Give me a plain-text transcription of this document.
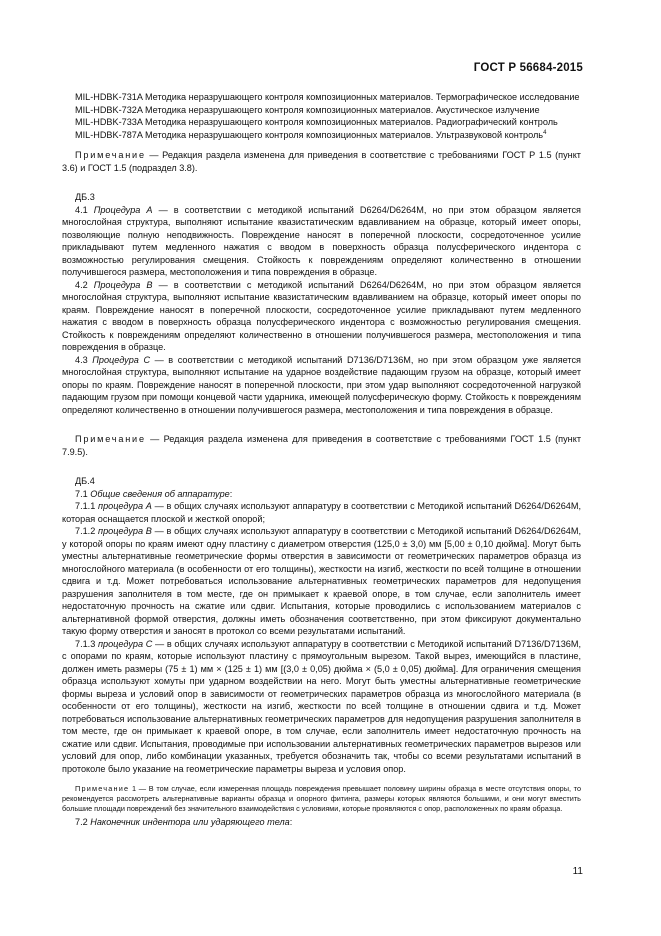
ГОСТ Р 56684-2015

MIL-HDBK-731A Методика неразрушающего контроля композиционных материалов. Термографическое исследование

MIL-HDBK-732A Методика неразрушающего контроля композиционных материалов. Акустическое излучение

MIL-HDBK-733A Методика неразрушающего контроля композиционных материалов. Радиографический контроль

MIL-HDBK-787A Методика неразрушающего контроля композиционных материалов. Ультразвуковой контроль$^4$

Примечание — Редакция раздела изменена для приведения в соответствие с требованиями ГОСТ Р 1.5 (пункт 3.6) и ГОСТ 1.5 (подраздел 3.8).

ДБ.3

4.1 Процедура А — в соответствии с методикой испытаний D6264/D6264M, но при этом образцом является многослойная структура, выполняют испытание квазистатическим вдавливанием на образце, который имеет опоры, позволяющие полную неподвижность. Повреждение наносят в поперечной плоскости, сосредоточенное усилие прикладывают путем медленного нажатия с вводом в поверхность образца полусферического индентора с возможностью регулирования смещения. Стойкость к повреждениям определяют количественно в отношении получившегося размера, местоположения и типа повреждения в образце.

4.2 Процедура В — в соответствии с методикой испытаний D6264/D6264M, но при этом образцом является многослойная структура, выполняют испытание квазистатическим вдавливанием на образце, который имеет опоры по краям. Повреждение наносят в поперечной плоскости, сосредоточенное усилие прикладывают путем медленного нажатия с вводом в поверхность образца полусферического индентора с возможностью регулирования смещения. Стойкость к повреждениям определяют количественно в отношении получившегося размера, местоположения и типа повреждения в образце.

4.3 Процедура С — в соответствии с методикой испытаний D7136/D7136M, но при этом образцом уже является многослойная структура, выполняют испытание на ударное воздействие падающим грузом на образце, который имеет опоры по краям. Повреждение наносят в поперечной плоскости, при этом удар выполняют сосредоточенной нагрузкой падающим грузом при помощи концевой части ударника, имеющей полусферическую форму. Стойкость к повреждениям определяют количественно в отношении получившегося размера, местоположения и типа повреждения в образце.

Примечание — Редакция раздела изменена для приведения в соответствие с требованиями ГОСТ 1.5 (пункт 7.9.5).

ДБ.4

7.1 Общие сведения об аппаратуре:

7.1.1 процедура А — в общих случаях используют аппаратуру в соответствии с Методикой испытаний D6264/D6264M, которая оснащается плоской и жесткой опорой;

7.1.2 процедура В — в общих случаях используют аппаратуру в соответствии с Методикой испытаний D6264/D6264M, у которой опоры по краям имеют одну пластину с диаметром отверстия (125,0 ± 3,0) мм [5,00 ± 0,10 дюйма]. Могут быть уместны альтернативные геометрические формы отверстия в зависимости от геометрических параметров образца из многослойного материала (в особенности от его толщины), жесткости на изгиб, жесткости по всей толщине в отношении сдвига и т.д. Может потребоваться использование альтернативных геометрических параметров для недопущения разрушения заполнителя в том месте, где он примыкает к краевой опоре, в том случае, если заполнитель имеет недостаточную прочность на сжатие или сдвиг. Испытания, которые проводились с использованием материалов с альтернативной формой отверстия, должны иметь обозначения соответственно, при этом фиксируют документально такую форму отверстия и заносят в протокол со всеми результатами испытаний.

7.1.3 процедура С — в общих случаях используют аппаратуру в соответствии с Методикой испытаний D7136/D7136M, с опорами по краям, которые используют пластину с прямоугольным вырезом. Такой вырез, имеющийся в пластине, должен иметь размеры (75 ± 1) мм × (125 ± 1) мм [(3,0 ± 0,05) дюйма × (5,0 ± 0,05) дюйма]. Для ограничения смещения образца используют хомуты при ударном воздействии на него. Могут быть уместны альтернативные геометрические формы выреза и условий опор в зависимости от геометрических параметров образца из многослойного материала (в особенности от его толщины), жесткости на изгиб, жесткости по всей толщине в отношении сдвига и т.д. Может потребоваться использование альтернативных геометрических параметров для недопущения разрушения заполнителя в том месте, где он примыкает к краевой опоре, в том случае, если заполнитель имеет недостаточную прочность на сжатие или сдвиг. Испытания, проводимые при использовании альтернативных геометрических параметров вырезов или условий для опор, либо комбинации указанных, требуется обозначить так, чтобы со всеми результатами испытаний в протоколе было указание на геометрические параметры выреза и условия опор.

Примечание 1 — В том случае, если измеренная площадь повреждения превышает половину ширины образца в месте отсутствия опоры, то рекомендуется рассмотреть альтернативные варианты образца и опорного фитинга, размеры которых являются большими, и они могут вместить большие площади повреждений без значительного взаимодействия с условиями, которые проявляются с опор, расположенных по краям образца.

7.2 Наконечник индентора или ударяющего тела:

11
